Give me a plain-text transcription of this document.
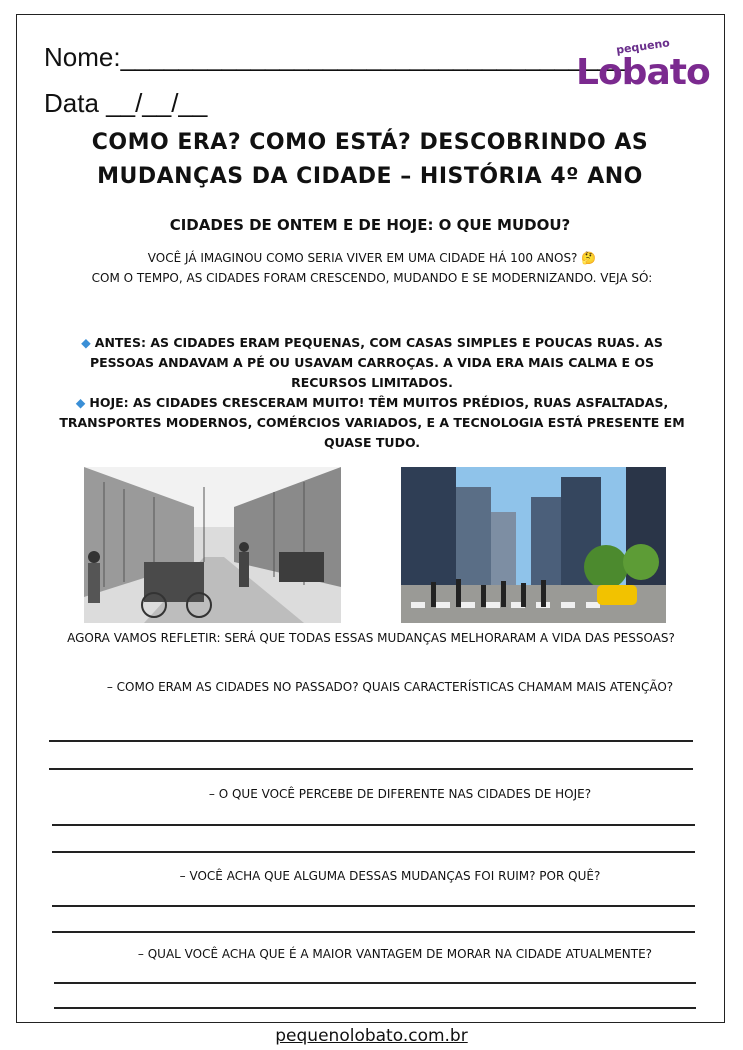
Nome:___________________________________
Data __/__/__
pequeno
Lobato
COMO ERA? COMO ESTÁ? DESCOBRINDO AS
MUDANÇAS DA CIDADE – HISTÓRIA 4º ANO
CIDADES DE ONTEM E DE HOJE: O QUE MUDOU?
VOCÊ JÁ IMAGINOU COMO SERIA VIVER EM UMA CIDADE HÁ 100 ANOS? 🤔
COM O TEMPO, AS CIDADES FORAM CRESCENDO, MUDANDO E SE MODERNIZANDO. VEJA SÓ:
◆ ANTES: AS CIDADES ERAM PEQUENAS, COM CASAS SIMPLES E POUCAS RUAS. AS PESSOAS ANDAVAM A PÉ OU USAVAM CARROÇAS. A VIDA ERA MAIS CALMA E OS RECURSOS LIMITADOS.
◆ HOJE: AS CIDADES CRESCERAM MUITO! TÊM MUITOS PRÉDIOS, RUAS ASFALTADAS, TRANSPORTES MODERNOS, COMÉRCIOS VARIADOS, E A TECNOLOGIA ESTÁ PRESENTE EM QUASE TUDO.
AGORA VAMOS REFLETIR: SERÁ QUE TODAS ESSAS MUDANÇAS MELHORARAM A VIDA DAS PESSOAS?
– COMO ERAM AS CIDADES NO PASSADO? QUAIS CARACTERÍSTICAS CHAMAM MAIS ATENÇÃO?
– O QUE VOCÊ PERCEBE DE DIFERENTE NAS CIDADES DE HOJE?
– VOCÊ ACHA QUE ALGUMA DESSAS MUDANÇAS FOI RUIM? POR QUÊ?
– QUAL VOCÊ ACHA QUE É A MAIOR VANTAGEM DE MORAR NA CIDADE ATUALMENTE?
pequenolobato.com.br
